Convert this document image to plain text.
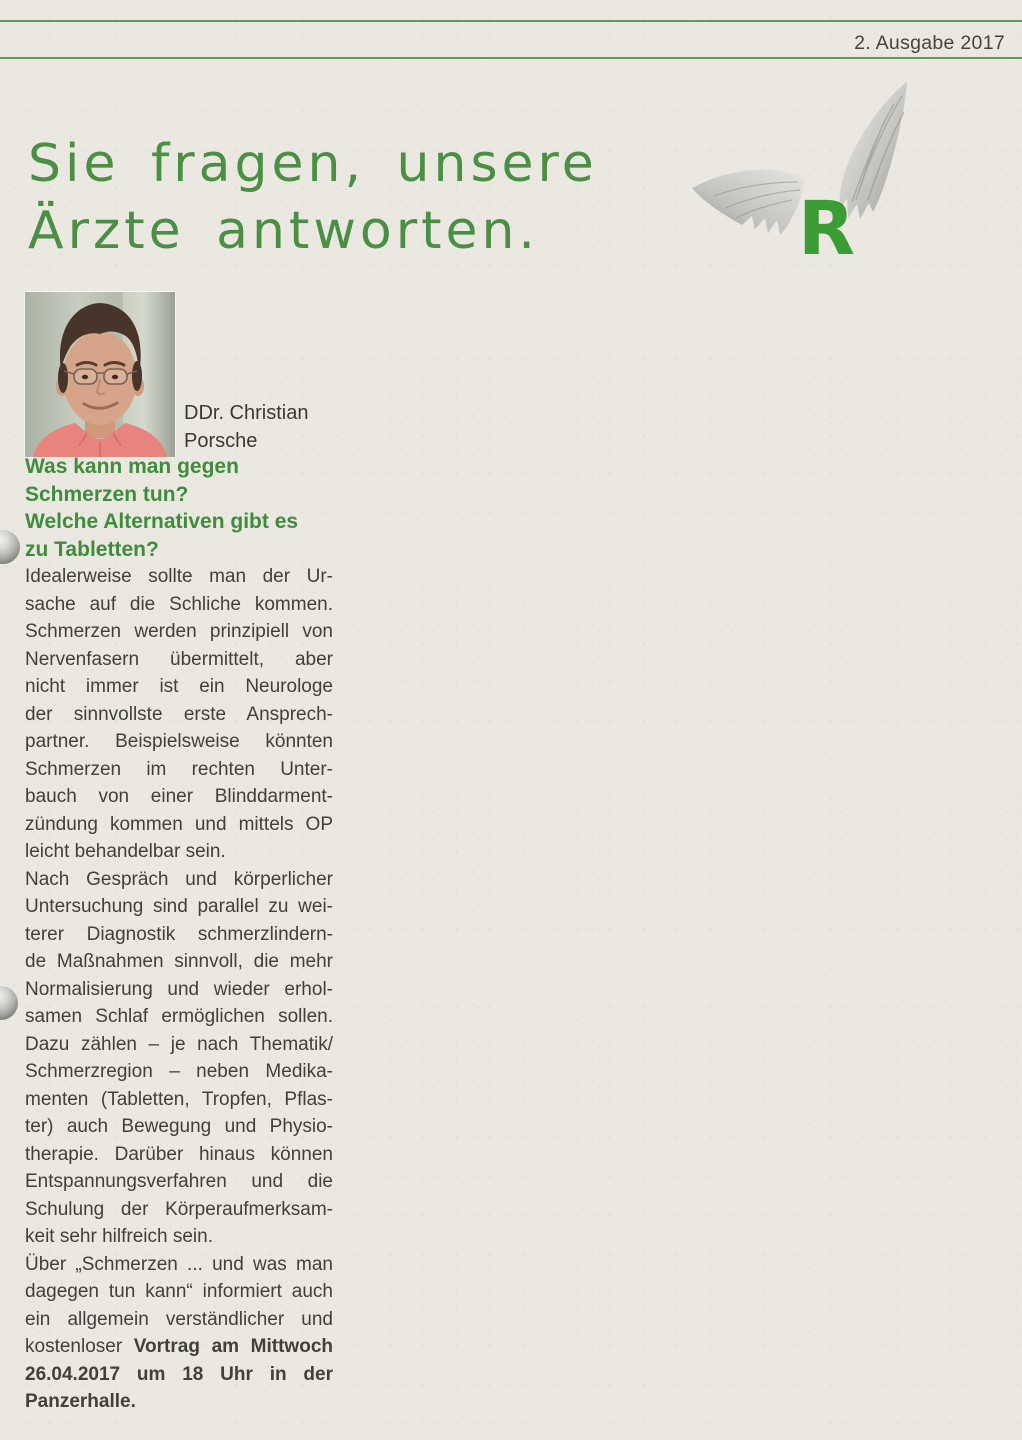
2. Ausgabe 2017
Sie fragen, unsere
Ärzte antworten.	R
DDr. Christian
Porsche
Was kann man gegen
Schmerzen tun?
Welche Alternativen gibt es
zu Tabletten?
Idealerweise sollte man der Ur-
sache auf die Schliche kommen.
Schmerzen werden prinzipiell von
Nervenfasern übermittelt, aber
nicht immer ist ein Neurologe
der sinnvollste erste Ansprech-
partner. Beispielsweise könnten
Schmerzen im rechten Unter-
bauch von einer Blinddarment-
zündung kommen und mittels OP
leicht behandelbar sein.
Nach Gespräch und körperlicher
Untersuchung sind parallel zu wei-
terer Diagnostik schmerzlindern-
de Maßnahmen sinnvoll, die mehr
Normalisierung und wieder erhol-
samen Schlaf ermöglichen sollen.
Dazu zählen – je nach Thematik/
Schmerzregion – neben Medika-
menten (Tabletten, Tropfen, Pflas-
ter) auch Bewegung und Physio-
therapie. Darüber hinaus können
Entspannungsverfahren und die
Schulung der Körperaufmerksam-
keit sehr hilfreich sein.
Über „Schmerzen ... und was man
dagegen tun kann“ informiert auch
ein allgemein verständlicher und
kostenloser Vortrag am Mittwoch
26.04.2017 um 18 Uhr in der
Panzerhalle.
